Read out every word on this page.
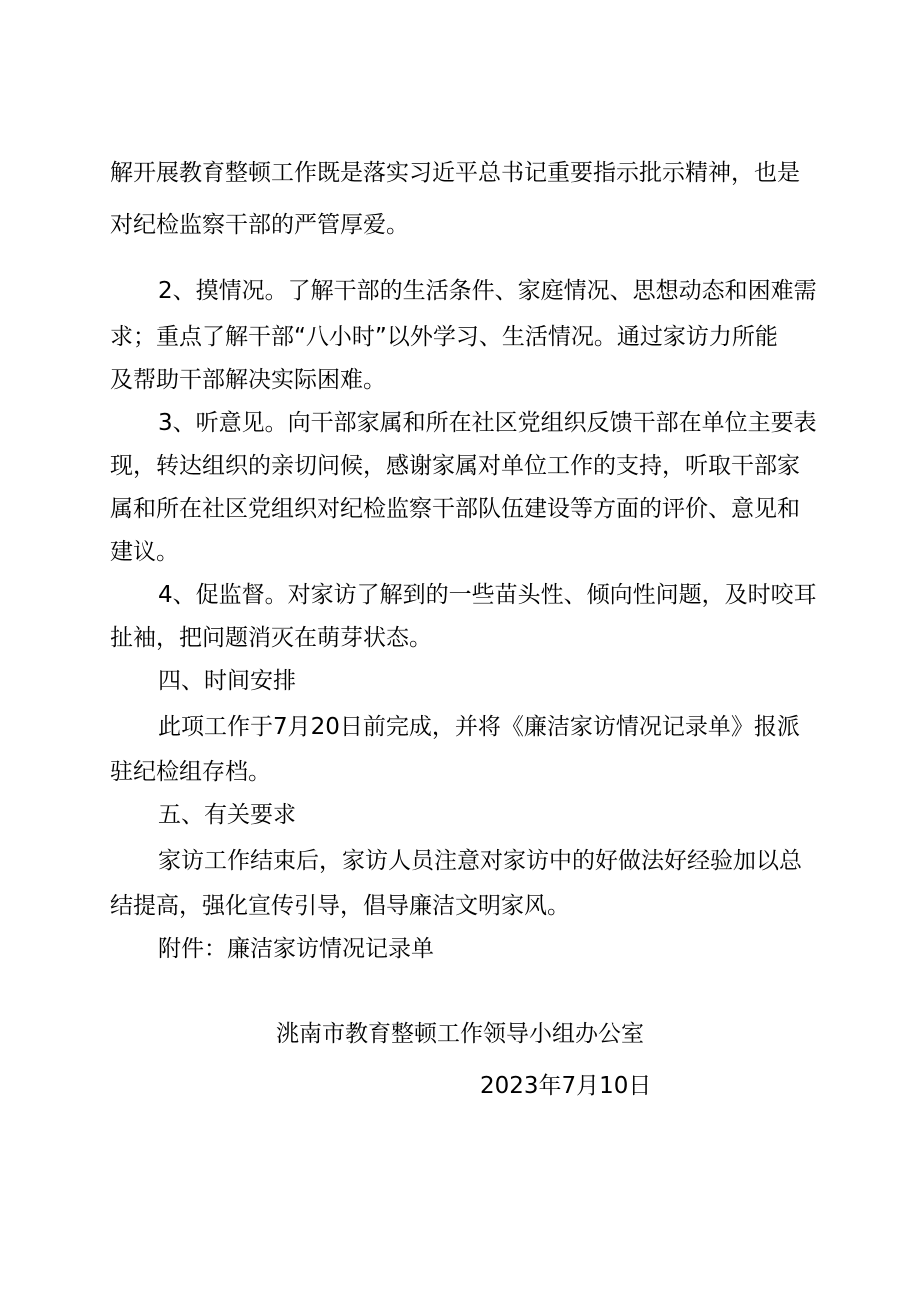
解开展教育整顿工作既是落实习近平总书记重要指示批示精神，也是
对纪检监察干部的严管厚爱。
2、摸情况。了解干部的生活条件、家庭情况、思想动态和困难需
求；重点了解干部“八小时”以外学习、生活情况。通过家访力所能
及帮助干部解决实际困难。
3、听意见。向干部家属和所在社区党组织反馈干部在单位主要表
现，转达组织的亲切问候，感谢家属对单位工作的支持，听取干部家
属和所在社区党组织对纪检监察干部队伍建设等方面的评价、意见和
建议。
4、促监督。对家访了解到的一些苗头性、倾向性问题，及时咬耳
扯袖，把问题消灭在萌芽状态。
四、时间安排
此项工作于7月20日前完成，并将《廉洁家访情况记录单》报派
驻纪检组存档。
五、有关要求
家访工作结束后，家访人员注意对家访中的好做法好经验加以总
结提高，强化宣传引导，倡导廉洁文明家风。
附件：廉洁家访情况记录单
洮南市教育整顿工作领导小组办公室
2023年7月10日
